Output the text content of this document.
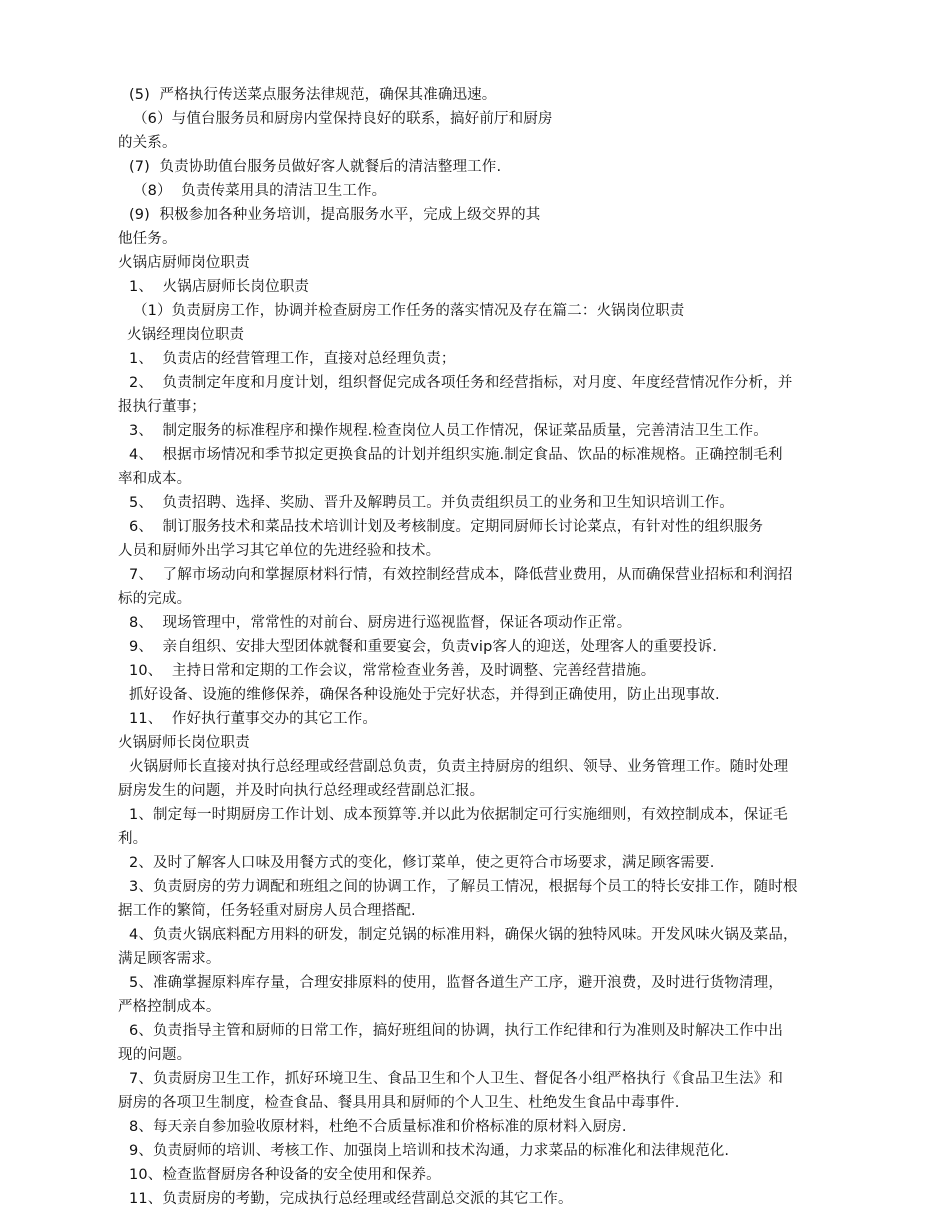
(5)  严格执行传送菜点服务法律规范，确保其准确迅速。
（6）与值台服务员和厨房内堂保持良好的联系，搞好前厅和厨房
的关系。
(7)  负责协助值台服务员做好客人就餐后的清洁整理工作.
（8）  负责传菜用具的清洁卫生工作。
(9)  积极参加各种业务培训，提高服务水平，完成上级交界的其
他任务。
火锅店厨师岗位职责
1、  火锅店厨师长岗位职责
（1）负责厨房工作，协调并检查厨房工作任务的落实情况及存在篇二：火锅岗位职责
火锅经理岗位职责
1、  负责店的经营管理工作，直接对总经理负责；
2、  负责制定年度和月度计划，组织督促完成各项任务和经营指标，对月度、年度经营情况作分析，并
报执行董事；
3、  制定服务的标准程序和操作规程.检查岗位人员工作情况，保证菜品质量，完善清洁卫生工作。
4、  根据市场情况和季节拟定更换食品的计划并组织实施.制定食品、饮品的标准规格。正确控制毛利
率和成本。
5、  负责招聘、选择、奖励、晋升及解聘员工。并负责组织员工的业务和卫生知识培训工作。
6、  制订服务技术和菜品技术培训计划及考核制度。定期同厨师长讨论菜点，有针对性的组织服务
人员和厨师外出学习其它单位的先进经验和技术。
7、  了解市场动向和掌握原材料行情，有效控制经营成本，降低营业费用，从而确保营业招标和利润招
标的完成。
8、  现场管理中，常常性的对前台、厨房进行巡视监督，保证各项动作正常。
9、  亲自组织、安排大型团体就餐和重要宴会，负责vip客人的迎送，处理客人的重要投诉.
10、  主持日常和定期的工作会议，常常检查业务善，及时调整、完善经营措施。
抓好设备、设施的维修保养，确保各种设施处于完好状态，并得到正确使用，防止出现事故.
11、  作好执行董事交办的其它工作。
火锅厨师长岗位职责
火锅厨师长直接对执行总经理或经营副总负责，负责主持厨房的组织、领导、业务管理工作。随时处理
厨房发生的问题，并及时向执行总经理或经营副总汇报。
1、制定每一时期厨房工作计划、成本预算等.并以此为依据制定可行实施细则，有效控制成本，保证毛
利。
2、及时了解客人口味及用餐方式的变化，修订菜单，使之更符合市场要求，满足顾客需要.
3、负责厨房的劳力调配和班组之间的协调工作，了解员工情况，根据每个员工的特长安排工作，随时根
据工作的繁简，任务轻重对厨房人员合理搭配.
4、负责火锅底料配方用料的研发，制定兑锅的标准用料，确保火锅的独特风味。开发风味火锅及菜品，
满足顾客需求。
5、准确掌握原料库存量，合理安排原料的使用，监督各道生产工序，避开浪费，及时进行货物清理，
严格控制成本。
6、负责指导主管和厨师的日常工作，搞好班组间的协调，执行工作纪律和行为准则及时解决工作中出
现的问题。
7、负责厨房卫生工作，抓好环境卫生、食品卫生和个人卫生、督促各小组严格执行《食品卫生法》和
厨房的各项卫生制度，检查食品、餐具用具和厨师的个人卫生、杜绝发生食品中毒事件.
8、每天亲自参加验收原材料，杜绝不合质量标准和价格标准的原材料入厨房.
9、负责厨师的培训、考核工作、加强岗上培训和技术沟通，力求菜品的标准化和法律规范化.
10、检查监督厨房各种设备的安全使用和保养。
11、负责厨房的考勤，完成执行总经理或经营副总交派的其它工作。
